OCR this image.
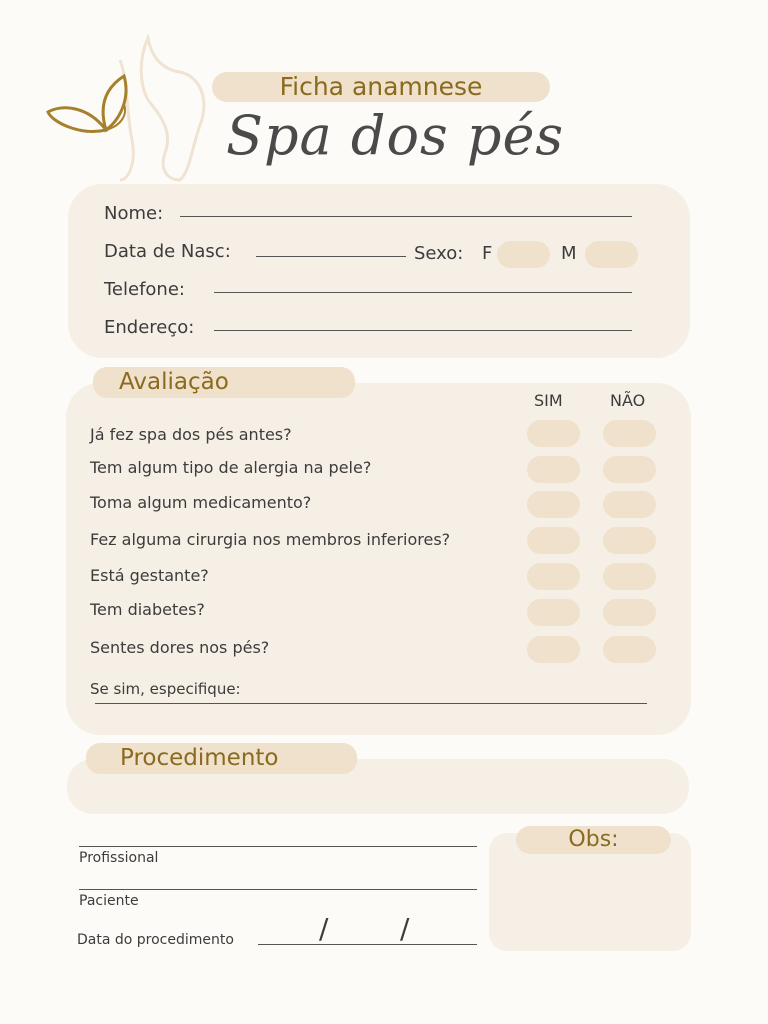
Ficha anamnese
Spa dos pés
Nome:
Data de Nasc:	Sexo: F	M
Telefone:
Endereço:
Avaliação
SIM	NÃO
Já fez spa dos pés antes?
Tem algum tipo de alergia na pele?
Toma algum medicamento?
Fez alguma cirurgia nos membros inferiores?
Está gestante?
Tem diabetes?
Sentes dores nos pés?
Se sim, especifique:
Procedimento
Profissional
Paciente
Data do procedimento	/	/
Obs:
